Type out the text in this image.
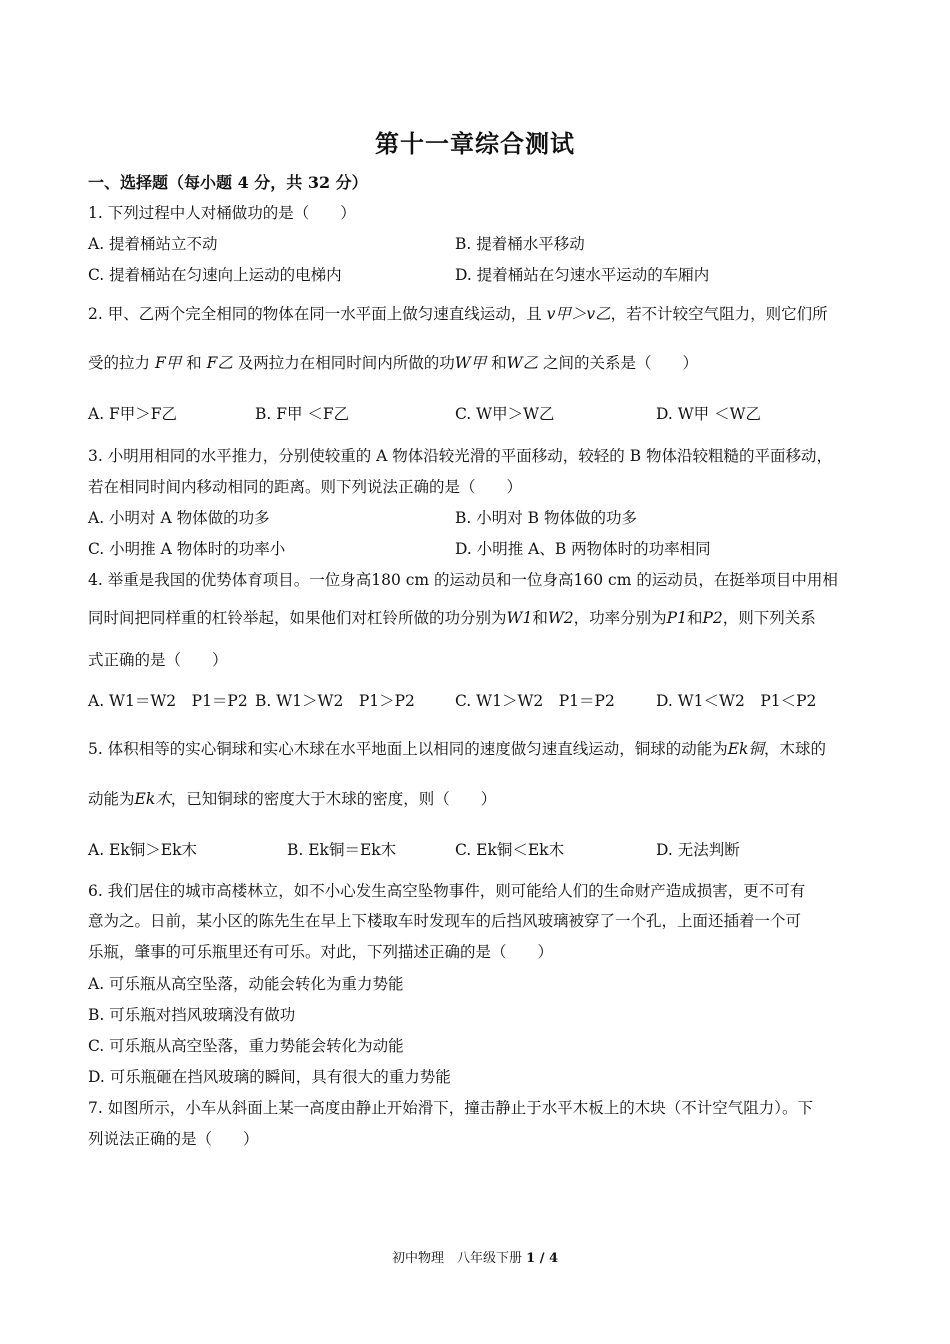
第十一章综合测试
一、选择题（每小题 4 分，共 32 分）
1. 下列过程中人对桶做功的是（　　）
A. 提着桶站立不动	B. 提着桶水平移动
C. 提着桶站在匀速向上运动的电梯内	D. 提着桶站在匀速水平运动的车厢内
2. 甲、乙两个完全相同的物体在同一水平面上做匀速直线运动，且 v甲＞v乙，若不计较空气阻力，则它们所
受的拉力 F甲 和 F乙 及两拉力在相同时间内所做的功W甲 和W乙 之间的关系是（　　）
A. F甲＞F乙	B. F甲 ＜F乙	C. W甲＞W乙	D. W甲 ＜W乙
3. 小明用相同的水平推力，分别使较重的 A 物体沿较光滑的平面移动，较轻的 B 物体沿较粗糙的平面移动，
若在相同时间内移动相同的距离。则下列说法正确的是（　　）
A. 小明对 A 物体做的功多	B. 小明对 B 物体做的功多
C. 小明推 A 物体时的功率小	D. 小明推 A、B 两物体时的功率相同
4. 举重是我国的优势体育项目。一位身高180 cm 的运动员和一位身高160 cm 的运动员，在挺举项目中用相
同时间把同样重的杠铃举起，如果他们对杠铃所做的功分别为W1和W2，功率分别为P1和P2，则下列关系
式正确的是（　　）
A. W1＝W2　P1＝P2 B. W1＞W2　P1＞P2	C. W1＞W2　P1＝P2	D. W1＜W2　P1＜P2
5. 体积相等的实心铜球和实心木球在水平地面上以相同的速度做匀速直线运动，铜球的动能为Ek铜，木球的
动能为Ek木，已知铜球的密度大于木球的密度，则（　　）
A. Ek铜＞Ek木	B. Ek铜＝Ek木	C. Ek铜＜Ek木	D. 无法判断
6. 我们居住的城市高楼林立，如不小心发生高空坠物事件，则可能给人们的生命财产造成损害，更不可有
意为之。日前，某小区的陈先生在早上下楼取车时发现车的后挡风玻璃被穿了一个孔，上面还插着一个可
乐瓶，肇事的可乐瓶里还有可乐。对此，下列描述正确的是（　　）
A. 可乐瓶从高空坠落，动能会转化为重力势能
B. 可乐瓶对挡风玻璃没有做功
C. 可乐瓶从高空坠落，重力势能会转化为动能
D. 可乐瓶砸在挡风玻璃的瞬间，具有很大的重力势能
7. 如图所示，小车从斜面上某一高度由静止开始滑下，撞击静止于水平木板上的木块（不计空气阻力）。下
列说法正确的是（　　）
初中物理　八年级下册 1 / 4
